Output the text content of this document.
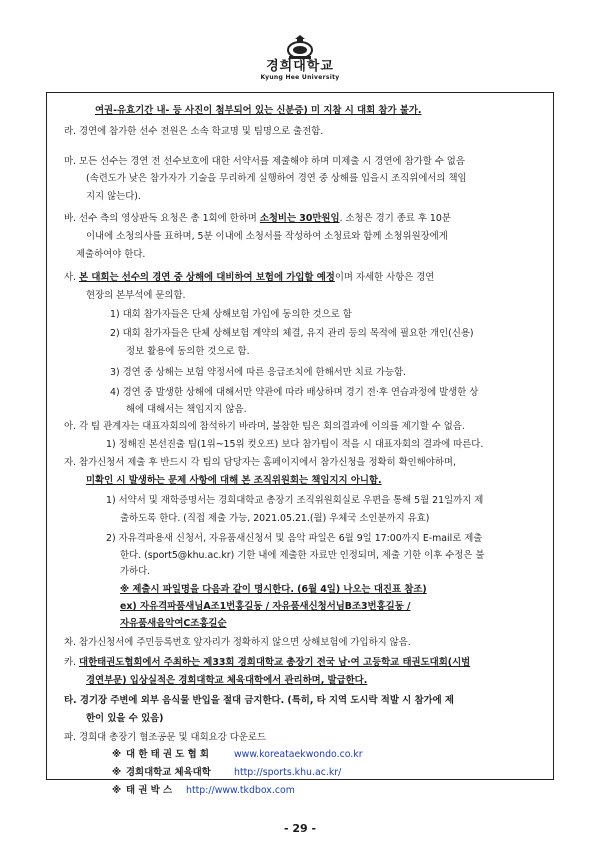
경희대학교
Kyung Hee University
여권-유효기간 내- 등 사진이 첨부되어 있는 신분증) 미 지참 시 대회 참가 불가.
라. 경연에 참가한 선수 전원은 소속 학교명 및 팀명으로 출전함.
마. 모든 선수는 경연 전 선수보호에 대한 서약서를 제출해야 하며 미제출 시 경연에 참가할 수 없음
(속련도가 낮은 참가자가 기술을 무리하게 실행하여 경연 중 상해를 입을시 조직위에서의 책임
지지 않는다).
바. 선수 측의 영상판독 요청은 총 1회에 한하며 소청비는 30만원임. 소청은 경기 종료 후 10분
이내에 소청의사를 표하며, 5분 이내에 소청서를 작성하여 소청료와 함께 소청위원장에게
제출하여야 한다.
사. 본 대회는 선수의 경연 중 상해에 대비하여 보험에 가입할 예정이며 자세한 사항은 경연
현장의 본부석에 문의함.
1) 대회 참가자들은 단체 상해보험 가입에 동의한 것으로 함
2) 대회 참가자들은 단체 상해보험 계약의 체결, 유지 관리 등의 목적에 필요한 개인(신용)
정보 활용에 동의한 것으로 함.
3) 경연 중 상해는 보험 약정서에 따른 응급조치에 한해서만 치료 가능함.
4) 경연 중 발생한 상해에 대해서만 약관에 따라 배상하며 경기 전·후 연습과정에 발생한 상
해에 대해서는 책임지지 않음.
아. 각 팀 관계자는 대표자회의에 참석하기 바라며, 불참한 팀은 회의결과에 이의를 제기할 수 없음.
1) 정해진 본선진출 팀(1위~15위 컷오프) 보다 참가팀이 적을 시 대표자회의 결과에 따른다.
자. 참가신청서 제출 후 반드시 각 팀의 담당자는 홈페이지에서 참가신청을 정확히 확인해야하며,
미확인 시 발생하는 문제 사항에 대해 본 조직위원회는 책임지지 아니함.
1) 서약서 및 재학증명서는 경희대학교 총장기 조직위원회실로 우편을 통해 5월 21일까지 제
출하도록 한다. (직접 제출 가능, 2021.05.21.(월) 우체국 소인분까지 유효)
2) 자유격파용새 신청서, 자유품새신청서 및 음악 파일은 6월 9일 17:00까지 E-mail로 제출
한다. (sport5@khu.ac.kr) 기한 내에 제출한 자료만 인정되며, 제출 기한 이후 수정은 불
가하다.
※ 제출시 파일명을 다음과 같이 명시한다. (6월 4일) 나오는 대진표 참조)
ex) 자유격파품새님A조1번홍길동 / 자유품새신청서님B조3번홍길동 /
자유품새음악여C조홍길순
차. 참가신청서에 주민등록번호 앞자리가 정확하지 않으면 상해보험에 가입하지 않음.
카. 대한태권도협회에서 주최하는 제33회 경희대학교 총장기 전국 남·여 고등학교 태권도대회(시범
경연부문) 입상실적은 경희대학교 체육대학에서 관리하며, 발급한다.
타. 경기장 주변에 외부 음식물 반입을 절대 금지한다. (특히, 타 지역 도시락 적발 시 참가에 제
한이 있을 수 있음)
파. 경희대 총장기 협조공문 및 대회요강 다운로드
※ 대 한 태 권 도 협 회	www.koreataekwondo.co.kr
※ 경희대학교 체육대학 http://sports.khu.ac.kr/
※ 태 권 박 스 http://www.tkdbox.com
- 29 -
